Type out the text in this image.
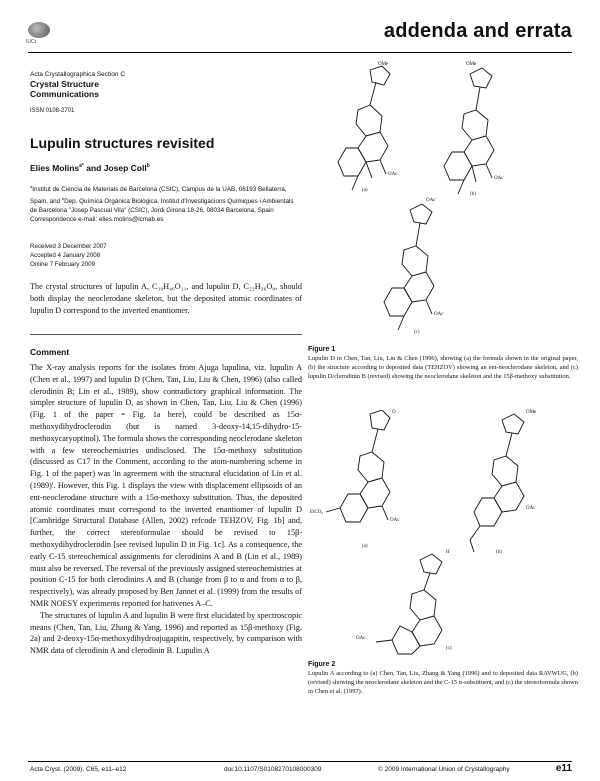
IUCr	addenda and errata
Acta Crystallographica Section C
Crystal Structure
Communications
ISSN 0108-2701
Lupulin structures revisited
Elies Molins$^{a*}$ and Josep Coll$^b$
$^a$Institut de Ciència de Materials de Barcelona (CSIC), Campus de la UAB, 08193 Bellaterra, Spain, and $^b$Dep. Química Orgànica Biològica, Institut d'Investigacions Químiques i Ambientals de Barcelona "Josep Pascual Vila" (CSIC), Jordi Girona 18-26, 08034 Barcelona, Spain
Correspondence e-mail: elies.molins@icmab.es
Received 3 December 2007
Accepted 4 January 2008
Online 7 February 2009
The crystal structures of lupulin A, C₃₀H₄₆O₁₁, and lupulin D, C₂₃H₃₆O₈, should both display the neoclerodane skeleton, but the deposited atomic coordinates of lupulin D correspond to the inverted enantiomer.
Comment

The X-ray analysis reports for the isolates from Ajuga lupulina, viz. lupulin A (Chen et al., 1997) and lupulin D (Chen, Tan, Liu, Liu & Chen, 1996) (also called clerodinin B; Lin et al., 1989), show contradictory graphical information. The simpler structure of lupulin D, as shown in Chen, Tan, Liu, Liu & Chen (1996) (Fig. 1 of the paper = Fig. 1a here), could be described as 15α-methoxydihydroclerodin (but is named 3-deoxy-14,15-dihydro-15-methoxycaryoptinol). The formula shows the corresponding neoclerodane skeleton with a few stereochemistries undisclosed. The 15α-methoxy substitution (discussed as C17 in the Comment, according to the atom-numbering scheme in Fig. 1 of the paper) was 'in agreement with the structural elucidation of Lin et al. (1989)'. However, this Fig. 1 displays the view with displacement ellipsoids of an ent-neoclerodane structure with a 15α-methoxy substitution. Thus, the deposited atomic coordinates must correspond to the inverted enantiomer of lupulin D [Cambridge Structural Database (Allen, 2002) refcode TEHZOV, Fig. 1b] and, further, the correct stereoformulae should be revised to 15β-methoxydihydroclerodin [see revised lupulin D in Fig. 1c]. As a consequence, the early C-15 stereochemical assignments for clerodinins A and B (Lin et al., 1989) must also be reversed. The reversal of the previously assigned stereochemistries at position C-15 for both clerodinins A and B (change from β to α and from α to β, respectively), was already proposed by Ben Jannet et al. (1999) from the results of NMR NOESY experiments reported for hativenes A–C.

The structures of lupulin A and lupulin B were first elucidated by spectroscopic means (Chen, Tan, Liu, Zhang & Yang, 1996) and reported as 15β-methoxy (Fig. 2a) and 2-deoxy-15α-methoxydihydroajugapitin, respectively, by comparison with NMR data of clerodinin A and clerodinin B. Lupulin A

OMe
OAc
OMe
OAc
OAc
OAc
(a)
(b)
(c)
Figure 1
Lupulin D in Chen, Tan, Liu, Liu & Chen (1996), showing (a) the formula shown in the original paper, (b) the structure according to deposited data (TEHZOV) showing an ent-neoclerodane skeleton, and (c) lupulin D/clerodinin B (revised) showing the neoclerodane skeleton and the 15β-methoxy substitution.
O
EtCO₂
OAc
OMe
OAc
H
OAc
(a)
(b)
(c)
Figure 2
Lupulin A according to (a) Chen, Tan, Liu, Zhang & Yang (1996) and to deposited data RAVWUG, (b) (revised) showing the neoclerodane skeleton and the C-15 α-substituent, and (c) the stereoformula shown in Chen et al. (1997).
Acta Cryst. (2009). C65, e11–e12	doi:10.1107/S0108270108000309	© 2009 International Union of Crystallography	e11
